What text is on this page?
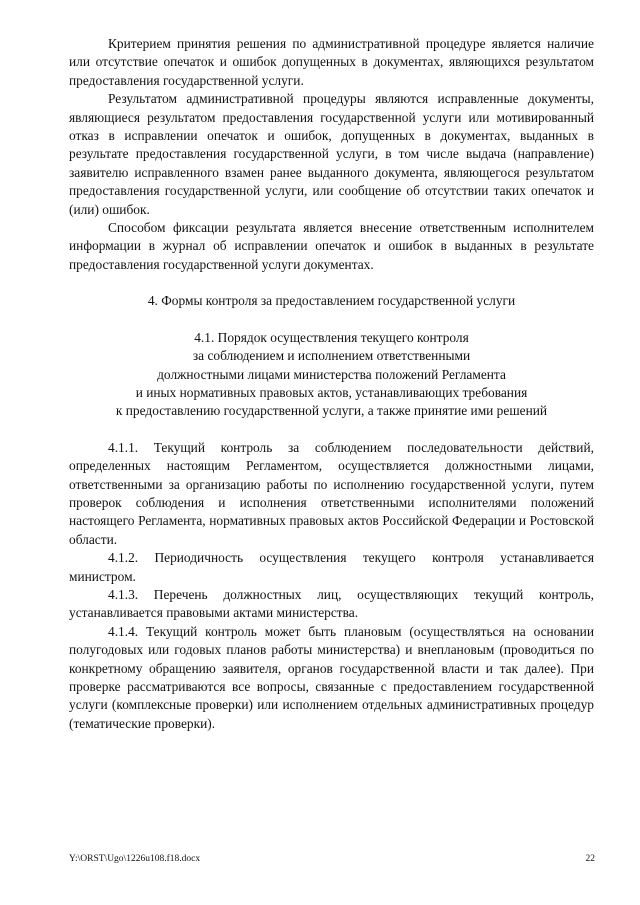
Критерием принятия решения по административной процедуре является наличие или отсутствие опечаток и ошибок допущенных в документах, являющихся результатом предоставления государственной услуги.

Результатом административной процедуры являются исправленные документы, являющиеся результатом предоставления государственной услуги или мотивированный отказ в исправлении опечаток и ошибок, допущенных в документах, выданных в результате предоставления государственной услуги, в том числе выдача (направление) заявителю исправленного взамен ранее выданного документа, являющегося результатом предоставления государственной услуги, или сообщение об отсутствии таких опечаток и (или) ошибок.

Способом фиксации результата является внесение ответственным исполнителем информации в журнал об исправлении опечаток и ошибок в выданных в результате предоставления государственной услуги документах.

4. Формы контроля за предоставлением государственной услуги
4.1. Порядок осуществления текущего контроля
за соблюдением и исполнением ответственными
должностными лицами министерства положений Регламента
и иных нормативных правовых актов, устанавливающих требования
к предоставлению государственной услуги, а также принятие ими решений

4.1.1. Текущий контроль за соблюдением последовательности действий, определенных настоящим Регламентом, осуществляется должностными лицами, ответственными за организацию работы по исполнению государственной услуги, путем проверок соблюдения и исполнения ответственными исполнителями положений настоящего Регламента, нормативных правовых актов Российской Федерации и Ростовской области.

4.1.2. Периодичность осуществления текущего контроля устанавливается министром.

4.1.3. Перечень должностных лиц, осуществляющих текущий контроль, устанавливается правовыми актами министерства.

4.1.4. Текущий контроль может быть плановым (осуществляться на основании полугодовых или годовых планов работы министерства) и внеплановым (проводиться по конкретному обращению заявителя, органов государственной власти и так далее). При проверке рассматриваются все вопросы, связанные с предоставлением государственной услуги (комплексные проверки) или исполнением отдельных административных процедур (тематические проверки).

Y:\ORST\Ugo\1226u108.f18.docx	22
